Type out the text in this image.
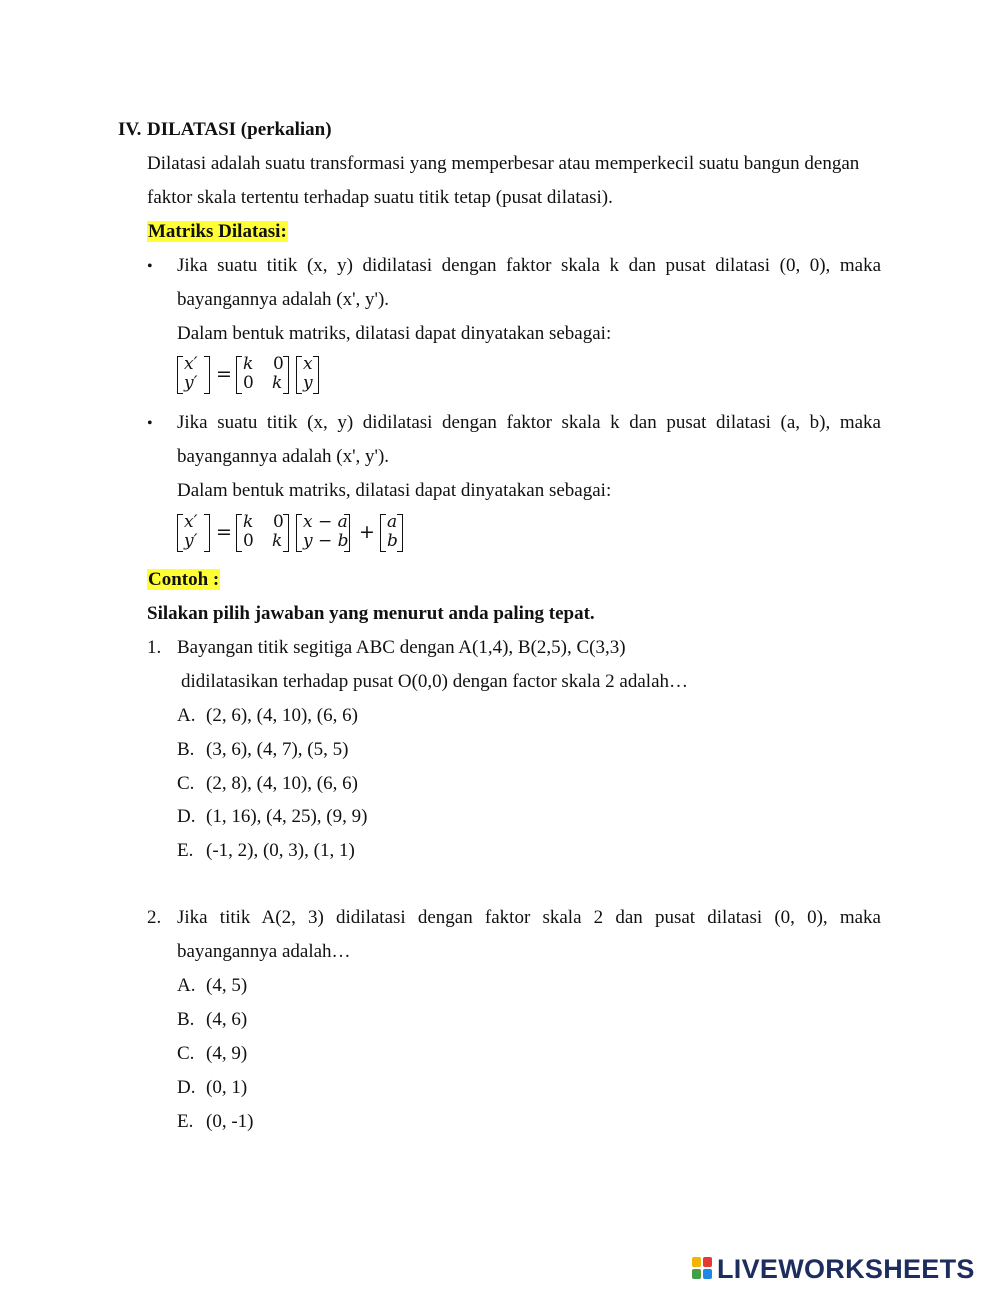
IV. DILATASI (perkalian)
Dilatasi adalah suatu transformasi yang memperbesar atau memperkecil suatu bangun dengan
faktor skala tertentu terhadap suatu titik tetap (pusat dilatasi).
Matriks Dilatasi:
• Jika suatu titik (x, y) didilatasi dengan faktor skala k dan pusat dilatasi (0, 0), maka
bayangannya adalah (x', y').
Dalam bentuk matriks, dilatasi dapat dinyatakan sebagai:
x′
y′ = k 0
0 k
x
y
• Jika suatu titik (x, y) didilatasi dengan faktor skala k dan pusat dilatasi (a, b), maka
bayangannya adalah (x', y').
Dalam bentuk matriks, dilatasi dapat dinyatakan sebagai:
x′
y′ = k 0
0 k
x − a
y − b + a
b
Contoh :
Silakan pilih jawaban yang menurut anda paling tepat.
1. Bayangan titik segitiga ABC dengan A(1,4), B(2,5), C(3,3)
didilatasikan terhadap pusat O(0,0) dengan factor skala 2 adalah…
A. (2, 6), (4, 10), (6, 6)
B. (3, 6), (4, 7), (5, 5)
C. (2, 8), (4, 10), (6, 6)
D. (1, 16), (4, 25), (9, 9)
E. (-1, 2), (0, 3), (1, 1)
2. Jika titik A(2, 3) didilatasi dengan faktor skala 2 dan pusat dilatasi (0, 0), maka
bayangannya adalah…
A. (4, 5)
B. (4, 6)
C. (4, 9)
D. (0, 1)
E. (0, -1)
LIVEWORKSHEETS
